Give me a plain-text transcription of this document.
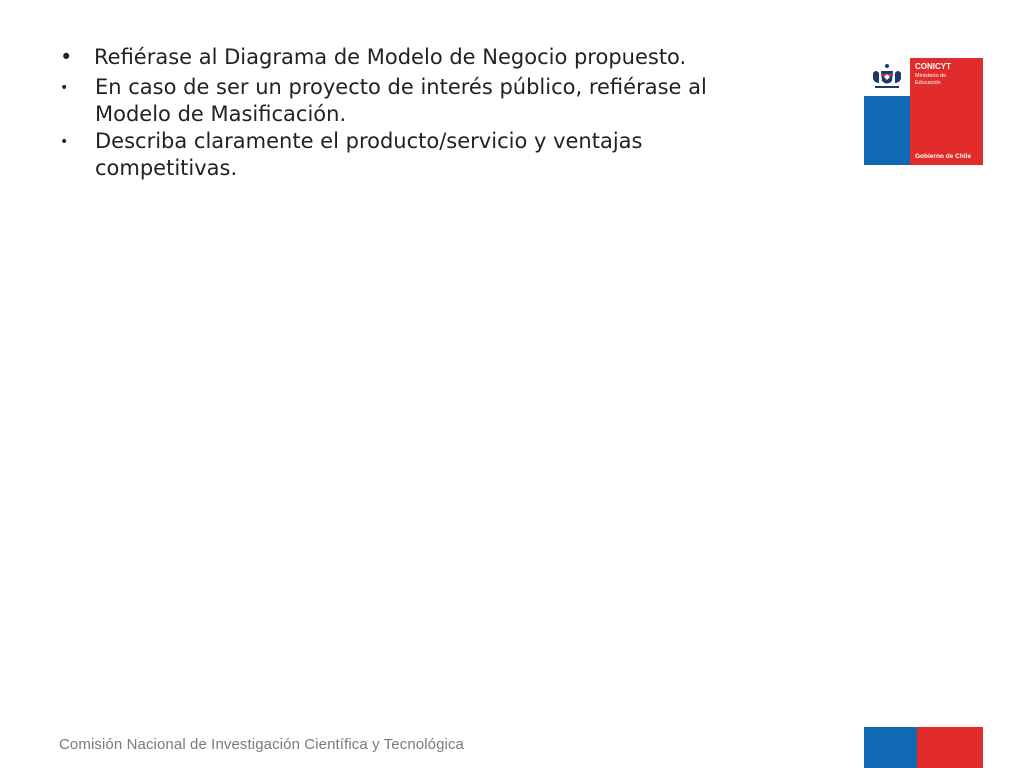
•	Refiérase al Diagrama de Modelo de Negocio propuesto.
•	En caso de ser un proyecto de interés público, refiérase al Modelo de Masificación.
•	Describa claramente el producto/servicio y ventajas competitivas.
CONICYT
Ministerio de Educación
Gobierno de Chile
Comisión Nacional de Investigación Científica y Tecnológica
